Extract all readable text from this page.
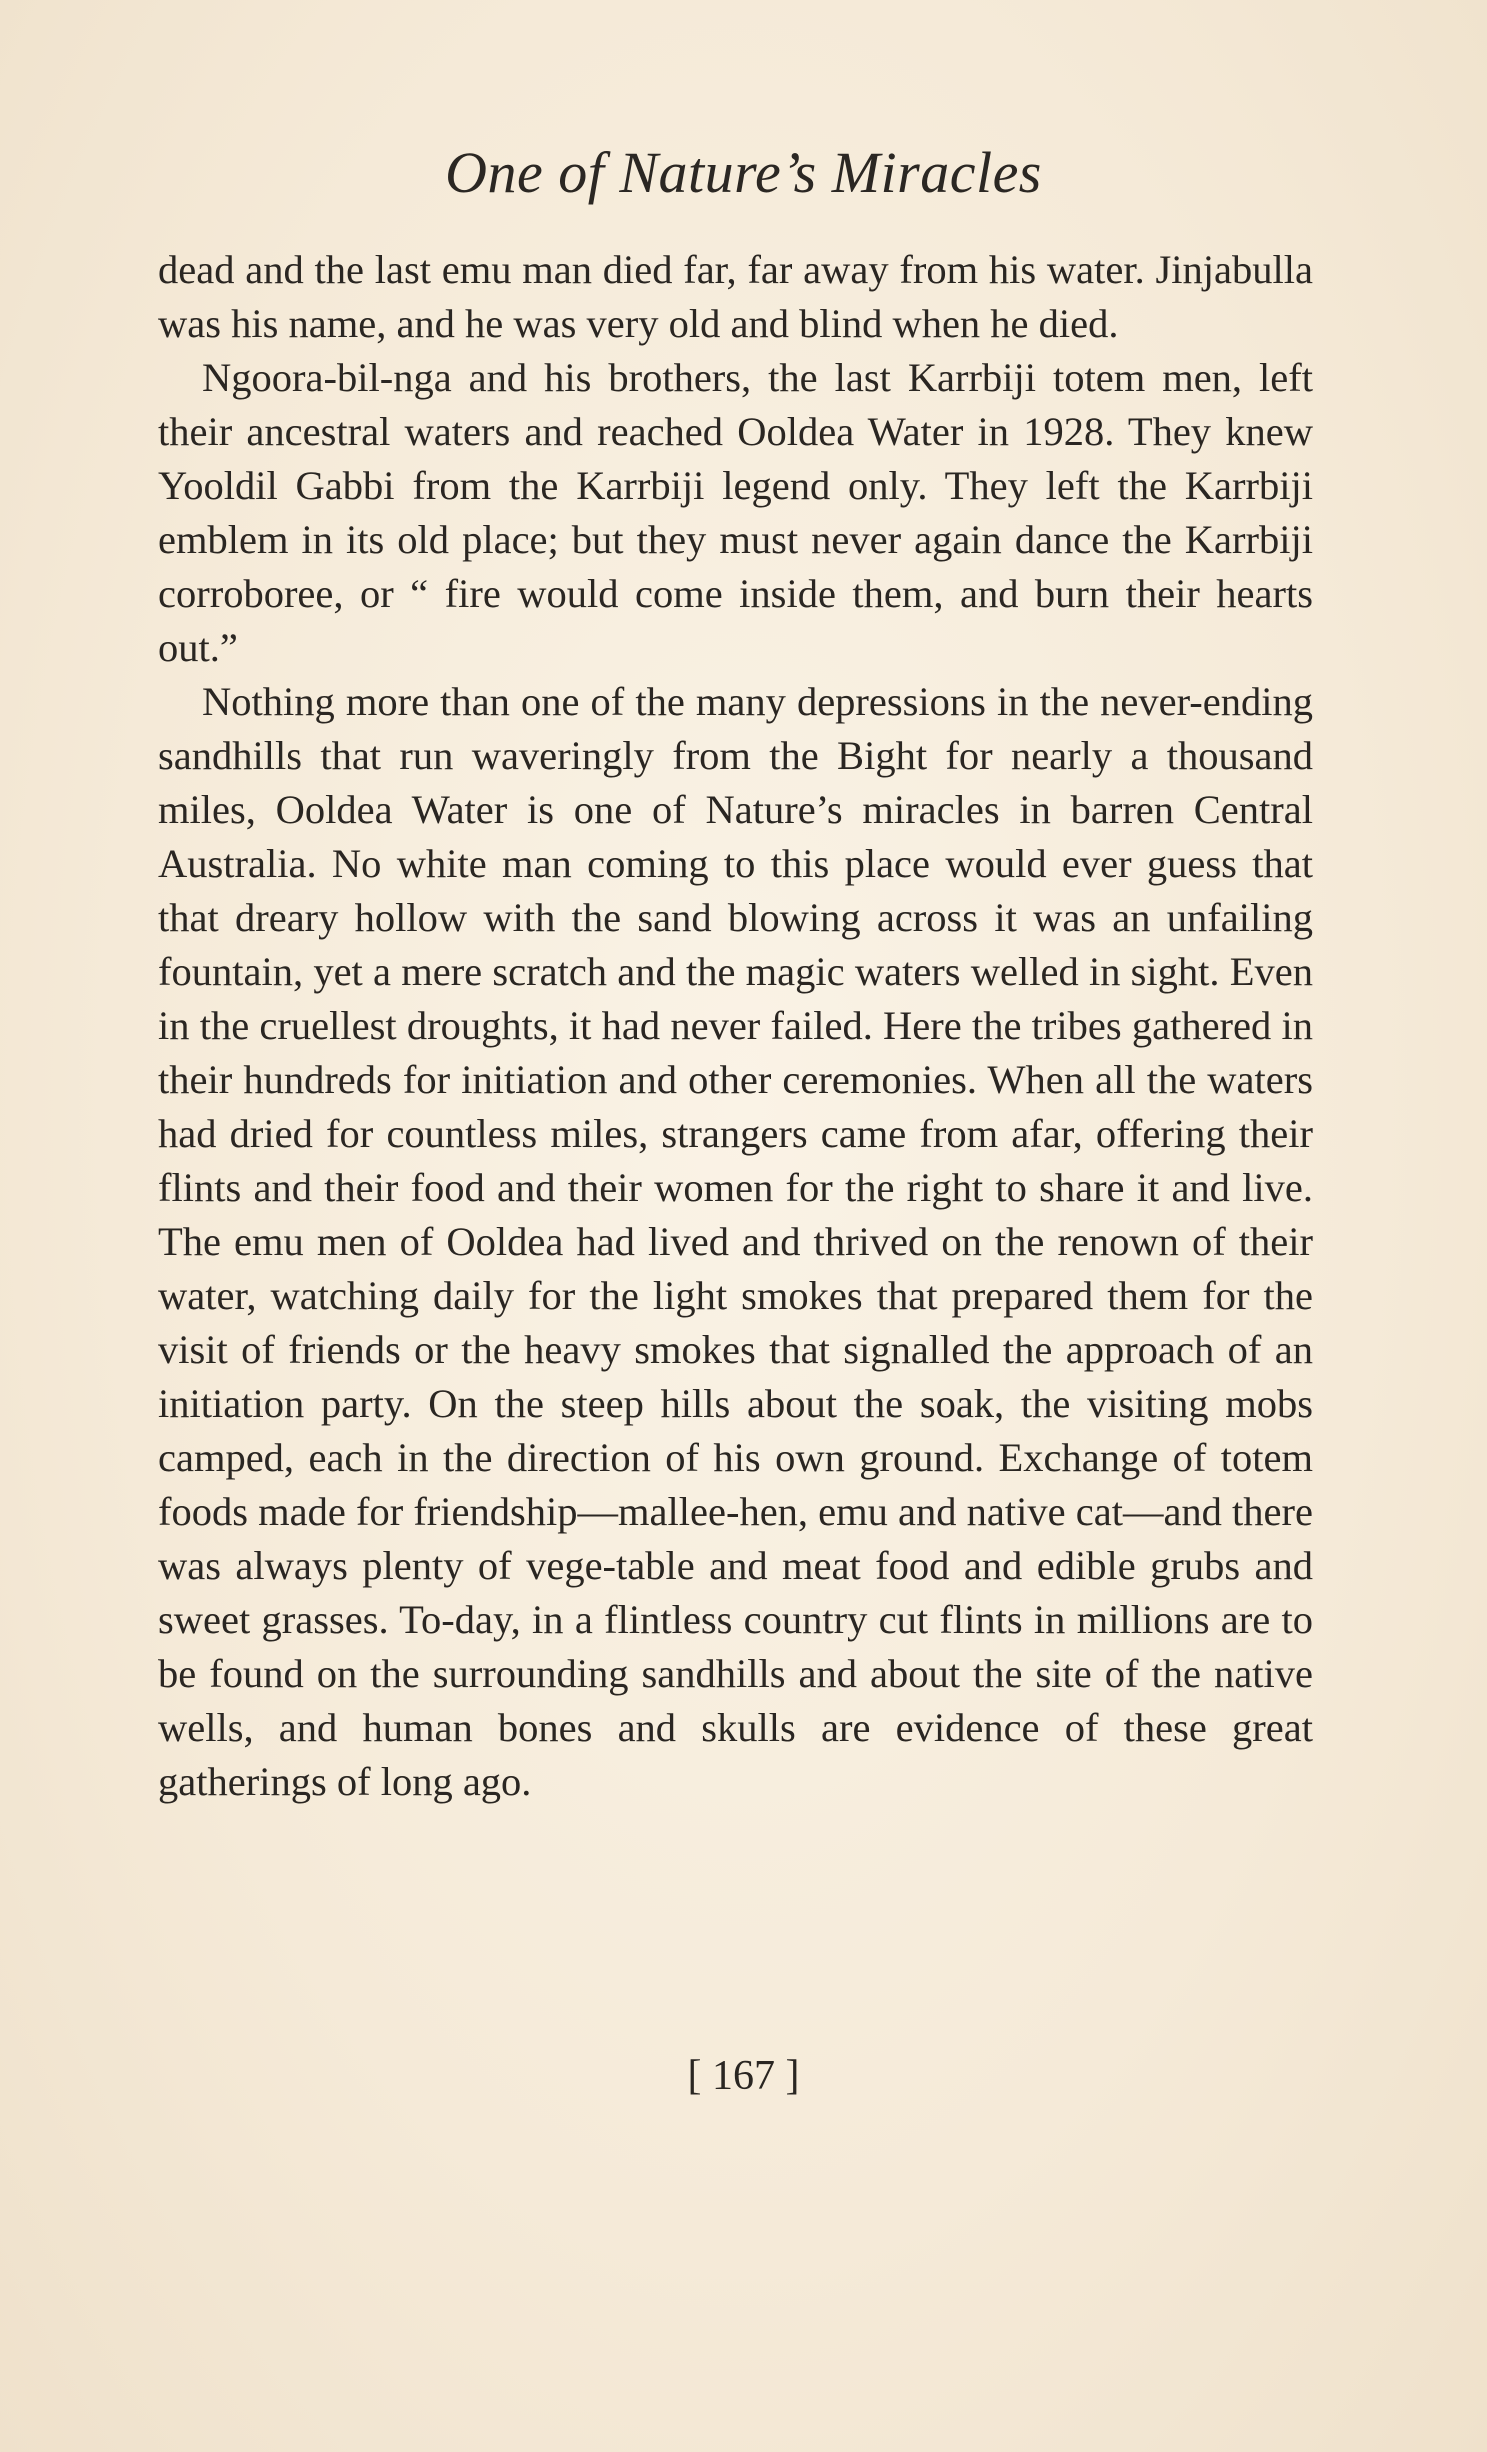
One of Nature’s Miracles

dead and the last emu man died far, far away from his water. Jinjabulla was his name, and he was very old and blind when he died.

Ngoora-bil-nga and his brothers, the last Karrbiji totem men, left their ancestral waters and reached Ooldea Water in 1928. They knew Yooldil Gabbi from the Karrbiji legend only. They left the Karrbiji emblem in its old place; but they must never again dance the Karrbiji corroboree, or “ fire would come inside them, and burn their hearts out.”

Nothing more than one of the many depressions in the never-ending sandhills that run waveringly from the Bight for nearly a thousand miles, Ooldea Water is one of Nature’s miracles in barren Central Australia. No white man coming to this place would ever guess that that dreary hollow with the sand blowing across it was an unfailing fountain, yet a mere scratch and the magic waters welled in sight. Even in the cruellest droughts, it had never failed. Here the tribes gathered in their hundreds for initiation and other ceremonies. When all the waters had dried for countless miles, strangers came from afar, offering their flints and their food and their women for the right to share it and live. The emu men of Ooldea had lived and thrived on the renown of their water, watching daily for the light smokes that prepared them for the visit of friends or the heavy smokes that signalled the approach of an initiation party. On the steep hills about the soak, the visiting mobs camped, each in the direction of his own ground. Exchange of totem foods made for friendship—mallee-hen, emu and native cat—and there was always plenty of vege-table and meat food and edible grubs and sweet grasses. To-day, in a flintless country cut flints in millions are to be found on the surrounding sandhills and about the site of the native wells, and human bones and skulls are evidence of these great gatherings of long ago.

[ 167 ]
